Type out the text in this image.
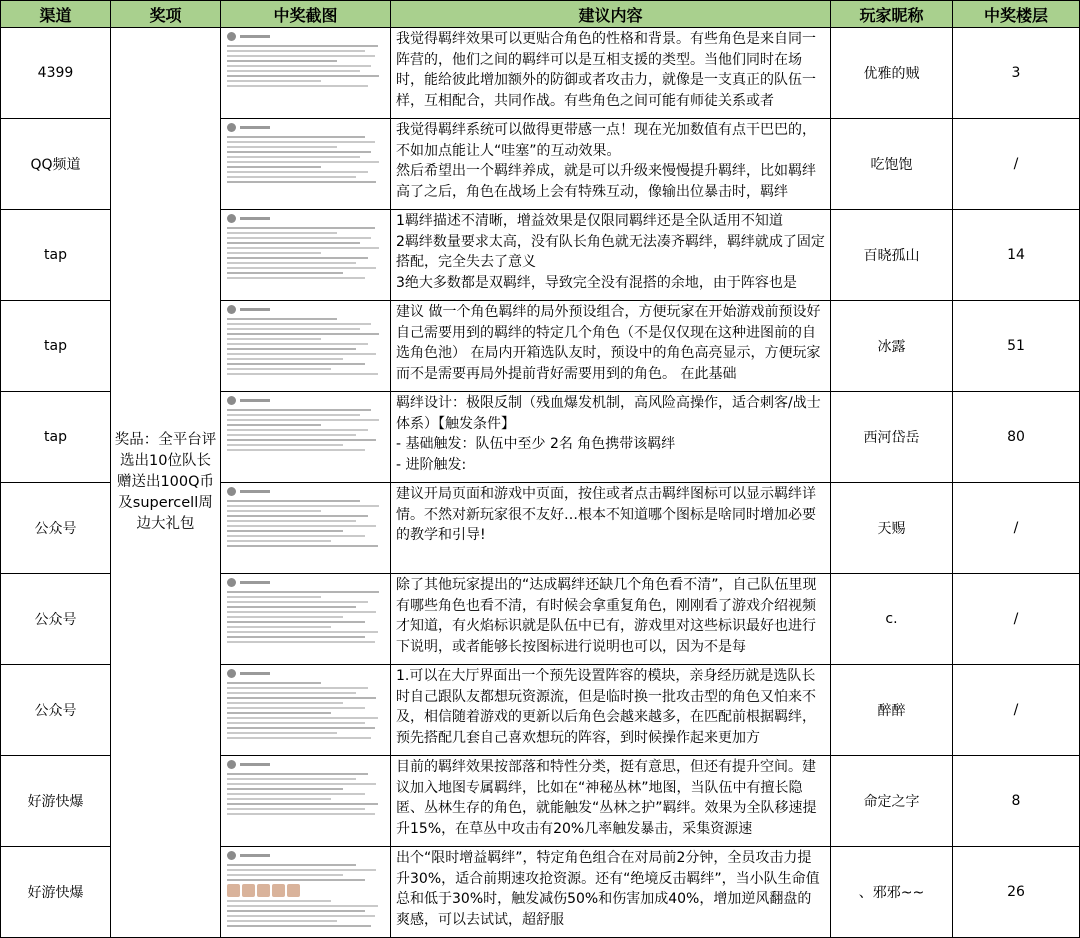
渠道	奖项	中奖截图	建议内容	玩家昵称	中奖楼层
4399	奖品：全平台评选出10位队长赠送出100Q币及supercell周边大礼包		我觉得羁绊效果可以更贴合角色的性格和背景。有些角色是来自同一阵营的，他们之间的羁绊可以是互相支援的类型。当他们同时在场时，能给彼此增加额外的防御或者攻击力，就像是一支真正的队伍一样，互相配合，共同作战。有些角色之间可能有师徒关系或者	优雅的贼	3
QQ频道			我觉得羁绊系统可以做得更带感一点！现在光加数值有点干巴巴的，不如加点能让人“哇塞”的互动效果。
然后希望出一个羁绊养成，就是可以升级来慢慢提升羁绊，比如羁绊高了之后，角色在战场上会有特殊互动，像输出位暴击时，羁绊	吃饱饱	/
tap			1羁绊描述不清晰，增益效果是仅限同羁绊还是全队适用不知道
2羁绊数量要求太高，没有队长角色就无法凑齐羁绊，羁绊就成了固定搭配，完全失去了意义
3绝大多数都是双羁绊，导致完全没有混搭的余地，由于阵容也是	百晓孤山	14
tap			建议 做一个角色羁绊的局外预设组合，方便玩家在开始游戏前预设好自己需要用到的羁绊的特定几个角色（不是仅仅现在这种进图前的自选角色池） 在局内开箱选队友时，预设中的角色高亮显示，方便玩家而不是需要再局外提前背好需要用到的角色。 在此基础	冰露	51
tap			羁绊设计：极限反制（残血爆发机制，高风险高操作，适合刺客/战士体系）【触发条件】
- 基础触发：队伍中至少 2名 角色携带该羁绊
- 进阶触发:	西河岱岳	80
公众号			建议开局页面和游戏中页面，按住或者点击羁绊图标可以显示羁绊详情。不然对新玩家很不友好…根本不知道哪个图标是啥同时增加必要的教学和引导!	天赐	/
公众号			除了其他玩家提出的“达成羁绊还缺几个角色看不清”，自己队伍里现有哪些角色也看不清，有时候会拿重复角色，刚刚看了游戏介绍视频才知道，有火焰标识就是队伍中已有，游戏里对这些标识最好也进行下说明，或者能够长按图标进行说明也可以，因为不是每	c.	/
公众号			1.可以在大厅界面出一个预先设置阵容的模块，亲身经历就是选队长时自己跟队友都想玩资源流，但是临时换一批攻击型的角色又怕来不及，相信随着游戏的更新以后角色会越来越多，在匹配前根据羁绊，预先搭配几套自己喜欢想玩的阵容，到时候操作起来更加方	醉醉	/
好游快爆			目前的羁绊效果按部落和特性分类，挺有意思，但还有提升空间。建议加入地图专属羁绊，比如在“神秘丛林”地图，当队伍中有擅长隐匿、丛林生存的角色，就能触发“丛林之护”羁绊。效果为全队移速提升15%，在草丛中攻击有20%几率触发暴击，采集资源速	命定之字	8
好游快爆			出个“限时增益羁绊”，特定角色组合在对局前2分钟，全员攻击力提升30%，适合前期速攻抢资源。还有“绝境反击羁绊”，当小队生命值总和低于30%时，触发减伤50%和伤害加成40%，增加逆风翻盘的爽感，可以去试试，超舒服	、邪邪~~	26
